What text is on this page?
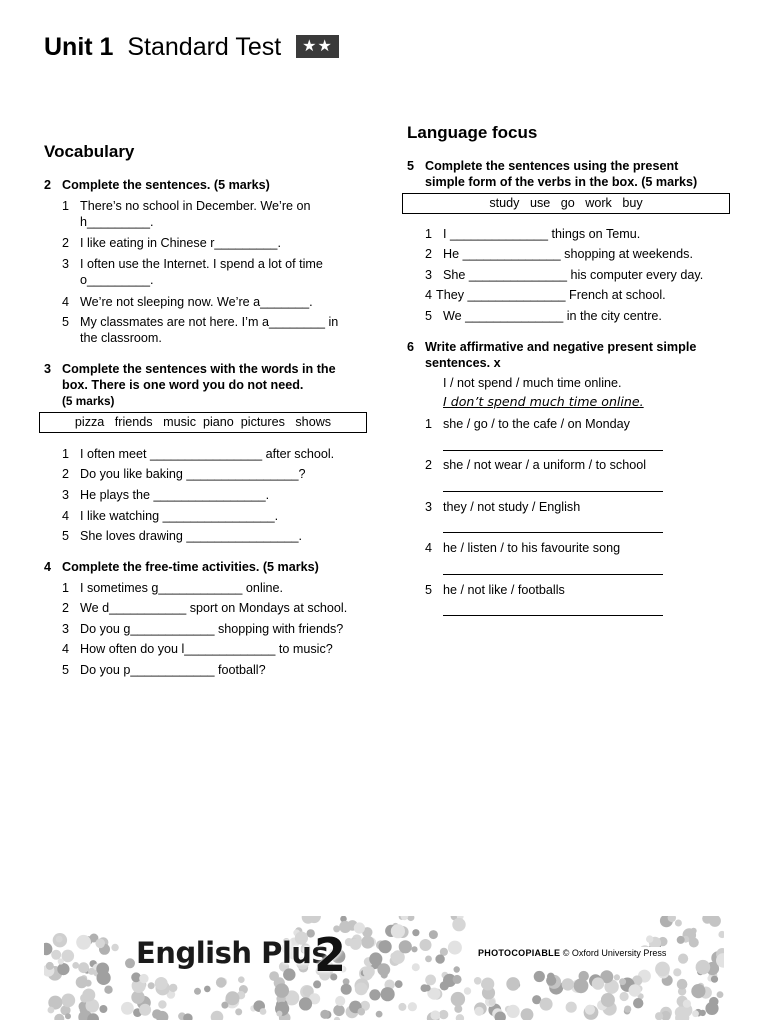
Unit 1 Standard Test ★★
Vocabulary
2 Complete the sentences. (5 marks)
1 There’s no school in December. We’re on
h_________.
2 I like eating in Chinese r_________.
3 I often use the Internet. I spend a lot of time
o_________.
4 We’re not sleeping now. We’re a_______.
5 My classmates are not here. I’m a________ in
the classroom.
3 Complete the sentences with the words in the
box. There is one word you do not need.
(5 marks)
pizza   friends   music  piano  pictures   shows
1 I often meet ________________ after school.
2 Do you like baking ________________?
3 He plays the ________________.
4 I like watching ________________.
5 She loves drawing ________________.
4 Complete the free-time activities. (5 marks)
1 I sometimes g____________ online.
2 We d___________ sport on Mondays at school.
3 Do you g____________ shopping with friends?
4 How often do you l_____________ to music?
5 Do you p____________ football?
Language focus
5 Complete the sentences using the present
simple form of the verbs in the box. (5 marks)
study   use   go   work   buy
1 I ______________ things on Temu.
2 He ______________ shopping at weekends.
3 She ______________ his computer every day.
4 They ______________ French at school.
5 We ______________ in the city centre.
6 Write affirmative and negative present simple
sentences. x
I / not spend / much time online.
I don’t spend much time online.
1 she / go / to the cafe / on Monday
2 she / not wear / a uniform / to school
3 they / not study / English
4 he / listen / to his favourite song
5 he / not like / footballs
English Plus
2	PHOTOCOPIABLE © Oxford University Press
